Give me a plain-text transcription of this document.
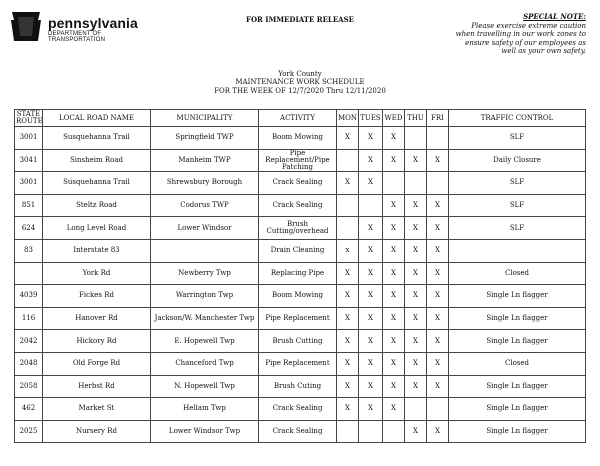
pennsylvania
DEPARTMENT OF TRANSPORTATION
FOR IMMEDIATE RELEASE	SPECIAL NOTE:
Please exercise extreme caution
when travelling in our work zones to
ensure safety of our employees as
well as your own safety.
York County
MAINTENANCE WORK SCHEDULE
FOR THE WEEK OF 12/7/2020 Thru 12/11/2020
STATE ROUTE	LOCAL ROAD NAME	MUNICIPALITY	ACTIVITY	MON	TUES	WED	THU	FRI	TRAFFIC CONTROL
3001	Susquehanna Trail	Springfield TWP	Boom Mowing	X	X	X			SLF
3041	Sinsheim Road	Manheim TWP	Pipe Replacement/Pipe Patching		X	X	X	X	Daily Closure
3001	Susquehanna Trail	Shrewsbury Borough	Crack Sealing	X	X				SLF
851	Steltz Road	Codorus TWP	Crack Sealing			X	X	X	SLF
624	Long Level Road	Lower Windsor	Brush Cutting/overhead		X	X	X	X	SLF
83	Interstate 83		Drain Cleaning	x	X	X	X	X	
	York Rd	Newberry Twp	Replacing Pipe	X	X	X	X	X	Closed
4039	Fickes Rd	Warrington Twp	Boom Mowing	X	X	X	X	X	Single Ln flagger
116	Hanover Rd	Jackson/W. Manchester Twp	Pipe Replacement	X	X	X	X	X	Single Ln flagger
2042	Hickory Rd	E. Hopewell Twp	Brush Cutting	X	X	X	X	X	Single Ln flagger
2048	Old Forge Rd	Chanceford Twp	Pipe Replacement	X	X	X	X	X	Closed
2058	Herbst Rd	N. Hopewell Twp	Brush Cuting	X	X	X	X	X	Single Ln flagger
462	Market St	Hellam Twp	Crack Sealing	X	X	X			Single Ln flagger
2025	Nursery Rd	Lower Windsor Twp	Crack Sealing				X	X	Single Ln flagger
